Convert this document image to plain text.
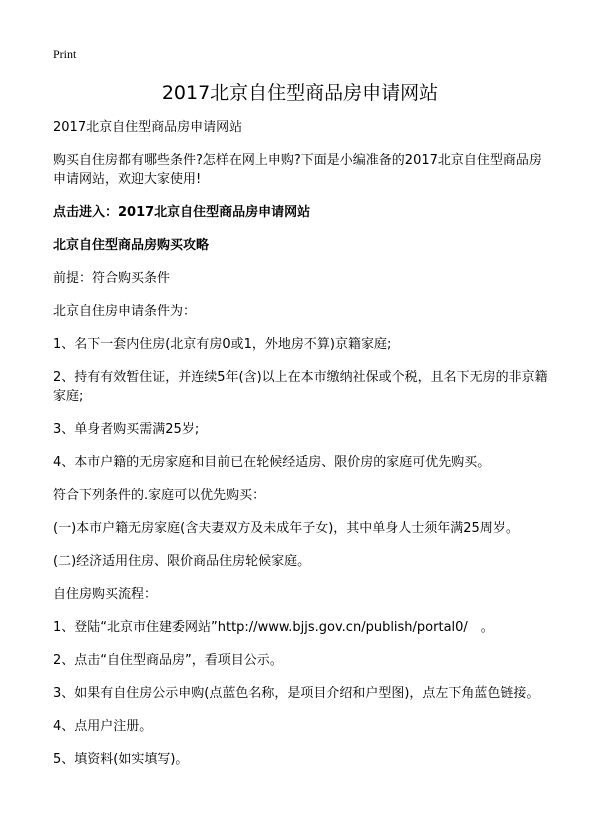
Print
2017北京自住型商品房申请网站

2017北京自住型商品房申请网站

购买自住房都有哪些条件?怎样在网上申购?下面是小编准备的2017北京自住型商品房申请网站，欢迎大家使用!

点击进入：2017北京自住型商品房申请网站

北京自住型商品房购买攻略

前提：符合购买条件

北京自住房申请条件为：

1、名下一套内住房(北京有房0或1，外地房不算)京籍家庭;

2、持有有效暂住证，并连续5年(含)以上在本市缴纳社保或个税，且名下无房的非京籍家庭;

3、单身者购买需满25岁;

4、本市户籍的无房家庭和目前已在轮候经适房、限价房的家庭可优先购买。

符合下列条件的.家庭可以优先购买：

(一)本市户籍无房家庭(含夫妻双方及未成年子女)，其中单身人士须年满25周岁。

(二)经济适用住房、限价商品住房轮候家庭。

自住房购买流程：

1、登陆“北京市住建委网站”http://www.bjjs.gov.cn/publish/portal0/　。

2、点击“自住型商品房”，看项目公示。

3、如果有自住房公示申购(点蓝色名称，是项目介绍和户型图)，点左下角蓝色链接。

4、点用户注册。

5、填资料(如实填写)。
